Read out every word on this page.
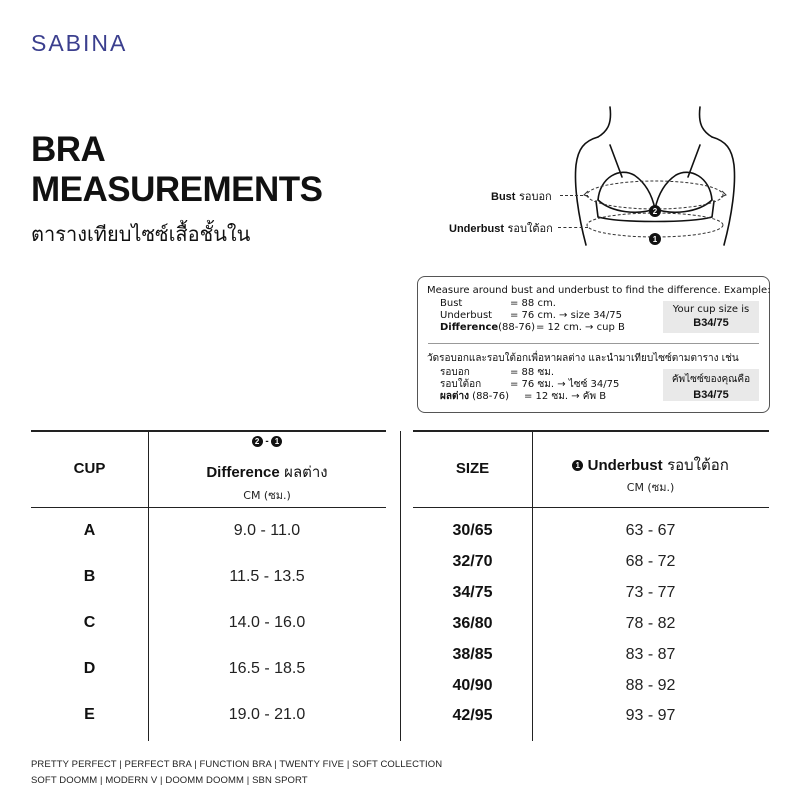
SABINA
BRA
MEASUREMENTS
ตารางเทียบไซซ์เสื้อชั้นใน
2
1
Bust รอบอก
Underbust รอบใต้อก
Measure around bust and underbust to find the difference. Example:
Bust	= 88 cm.
Underbust = 76 cm. → size 34/75
Difference(88-76) = 12 cm. → cup B
Your cup size is
B34/75
วัดรอบอกและรอบใต้อกเพื่อหาผลต่าง และนำมาเทียบไซซ์ตามตาราง เช่น
รอบอก	= 88 ซม.
รอบใต้อก	= 76 ซม. → ไซซ์ 34/75
ผลต่าง (88-76) = 12 ซม. → คัพ B
คัพไซซ์ของคุณคือ
B34/75
CUP
2 - 1
Difference ผลต่าง
CM (ซม.)
A	9.0 - 11.0
B	11.5 - 13.5
C	14.0 - 16.0
D	16.5 - 18.5
E	19.0 - 21.0
SIZE	1 Underbust รอบใต้อก
CM (ซม.)
30/65	63 - 67
32/70	68 - 72
34/75	73 - 77
36/80	78 - 82
38/85	83 - 87
40/90	88 - 92
42/95	93 - 97
PRETTY PERFECT | PERFECT BRA | FUNCTION BRA | TWENTY FIVE | SOFT COLLECTION
SOFT DOOMM | MODERN V | DOOMM DOOMM | SBN SPORT
